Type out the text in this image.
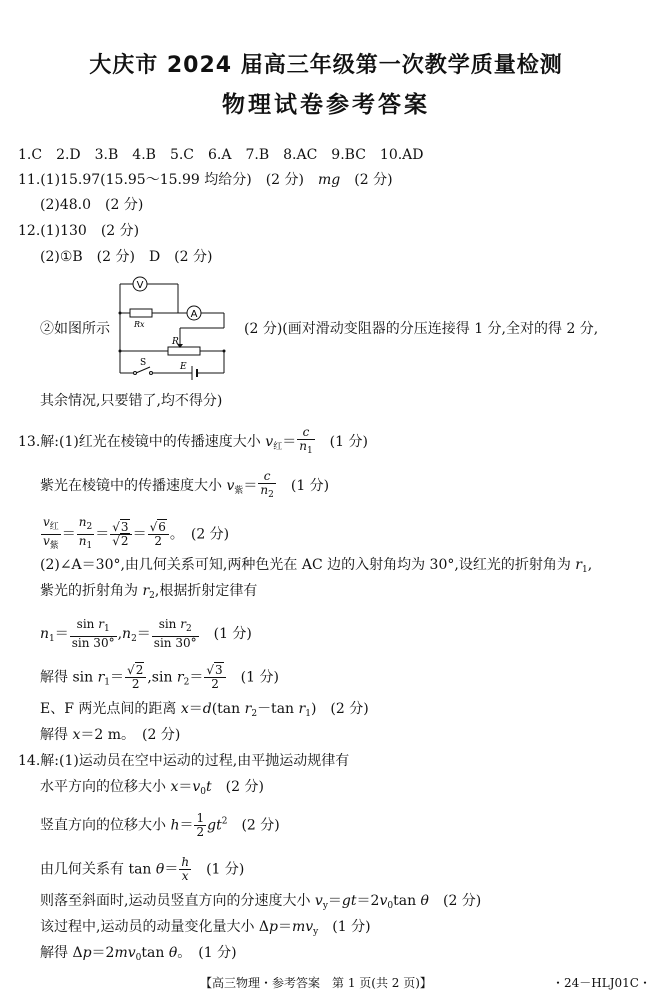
大庆市 2024 届高三年级第一次教学质量检测
物理试卷参考答案
1.C　2.D　3.B　4.B　5.C　6.A　7.B　8.AC　9.BC　10.AD
11.(1)15.97(15.95～15.99 均给分)　(2 分)　 mg　 (2 分)
(2)48.0　(2 分)
12.(1)130　(2 分)
(2)①B　(2 分)　D　(2 分)
V
A
Rx
R
S	E
②如图所示	(2 分)(画对滑动变阻器的分压连接得 1 分,全对的得 2 分,
其余情况,只要错了,均不得分)
13.解:(1)红光在棱镜中的传播速度大小 $v_红= \frac{c}{n_1}$
　 (1 分)
紫光在棱镜中的传播速度大小 $v_紫= \frac{c}{n_2}$
　 (1 分)
$\frac{v_红}{v_紫} = \frac{n_2}{n_1} = \frac{√3}{√2} = \frac{√6}{2}$ 。　(2 分)
(2)∠A＝30°,由几何关系可知,两种色光在 AC 边的入射角均为 30°,设红光的折射角为 $r_1$,
紫光的折射角为 $r_2$,根据折射定律有
$n_1= \frac{\sin r_1}{\sin 30^\circ} ,n_2= \frac{\sin r_2}{\sin 30^\circ}$
　 (1 分)
解得 $\sin r_1= \frac{√2}{2} ,\sin$ $r_2= \frac{√3}{2}$
　 (1 分)
E、F 两光点间的距离 x＝d(tan $r_2-\tan$ $r_1$)　(2 分)
解得 x＝2 m。　 (2 分)
14.解:(1)运动员在空中运动的过程,由平抛运动规律有
水平方向的位移大小 $x=v_0t$　 (2 分)
竖直方向的位移大小 $h= \frac{1}{2} gt^2$　 (2 分)
由几何关系有 $\tan \theta= \frac{h}{x}$
　 (1 分)
则落至斜面时,运动员竖直方向的分速度大小 $v_y=gt=2v_0\tan$ θ　 (2 分)
该过程中,运动员的动量变化量大小 $\Delta p=mv_y$　 (1 分)
解得 $\Delta p=2mv_0\tan$ θ。　(1 分)
【高三物理・参考答案　第 1 页(共 2 页)】	・24－HLJ01C・
